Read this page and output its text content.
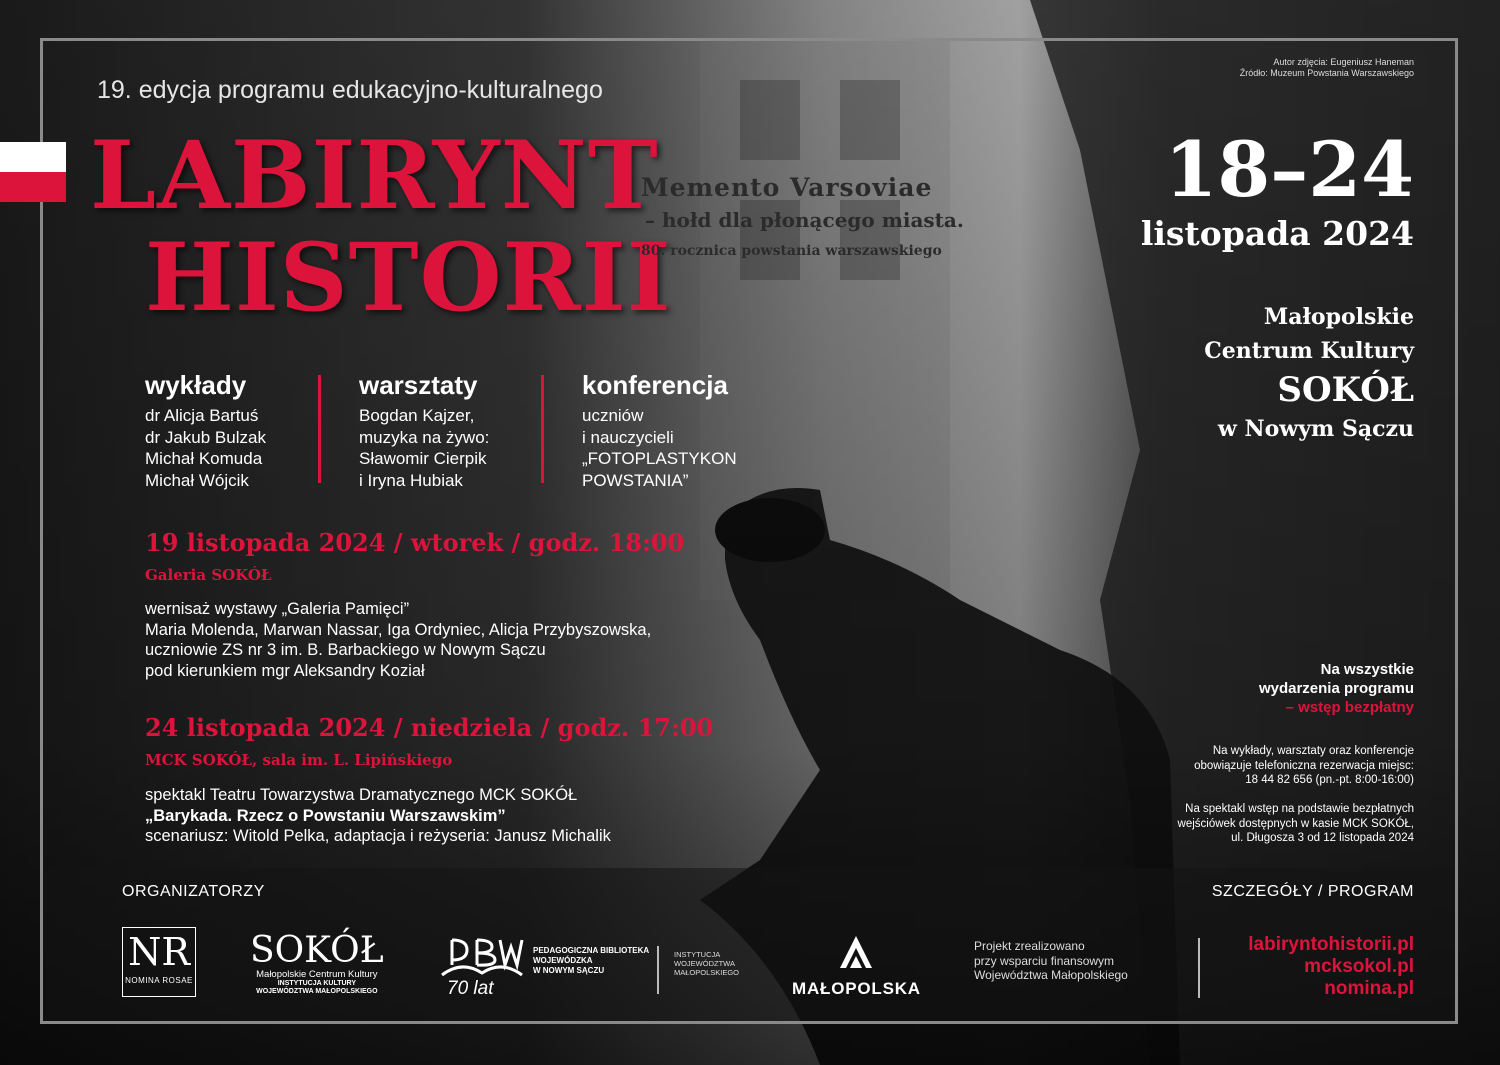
Autor zdjęcia: Eugeniusz Haneman
Źródło: Muzeum Powstania Warszawskiego
19. edycja programu edukacyjno-kulturalnego
LABIRYNT
HISTORII
Memento Varsoviae
– hołd dla płonącego miasta.
80. rocznica powstania warszawskiego
18–24
listopada 2024
Małopolskie
Centrum Kultury
SOKÓŁ
w Nowym Sączu
wykłady
dr Alicja Bartuś
dr Jakub Bulzak
Michał Komuda
Michał Wójcik
warsztaty
Bogdan Kajzer,
muzyka na żywo:
Sławomir Cierpik
i Iryna Hubiak
konferencja
uczniów
i nauczycieli
„FOTOPLASTYKON
POWSTANIA”
19 listopada 2024 / wtorek / godz. 18:00
Galeria SOKÓŁ
wernisaż wystawy „Galeria Pamięci”
Maria Molenda, Marwan Nassar, Iga Ordyniec, Alicja Przybyszowska,
uczniowie ZS nr 3 im. B. Barbackiego w Nowym Sączu
pod kierunkiem mgr Aleksandry Koział
24 listopada 2024 / niedziela / godz. 17:00
MCK SOKÓŁ, sala im. L. Lipińskiego
spektakl Teatru Towarzystwa Dramatycznego MCK SOKÓŁ
„Barykada. Rzecz o Powstaniu Warszawskim”
scenariusz: Witold Pelka, adaptacja i reżyseria: Janusz Michalik
Na wszystkie
wydarzenia programu
– wstęp bezpłatny
Na wykłady, warsztaty oraz konferencje
obowiązuje telefoniczna rezerwacja miejsc:
18 44 82 656 (pn.-pt. 8:00-16:00)
Na spektakl wstęp na podstawie bezpłatnych
wejściówek dostępnych w kasie MCK SOKÓŁ,
ul. Długosza 3 od 12 listopada 2024
ORGANIZATORZY	SZCZEGÓŁY / PROGRAM
NR
NOMINA ROSAE
SOKÓŁ
Małopolskie Centrum Kultury
INSTYTUCJA KULTURY
WOJEWÓDZTWA MAŁOPOLSKIEGO	70 lat
PEDAGOGICZNA BIBLIOTEKA
WOJEWÓDZKA
W NOWYM SĄCZU
INSTYTUCJA
WOJEWÓDZTWA
MAŁOPOLSKIEGO
MAŁOPOLSKA
Projekt zrealizowano
przy wsparciu finansowym
Województwa Małopolskiego
labiryntohistorii.pl
mcksokol.pl
nomina.pl
